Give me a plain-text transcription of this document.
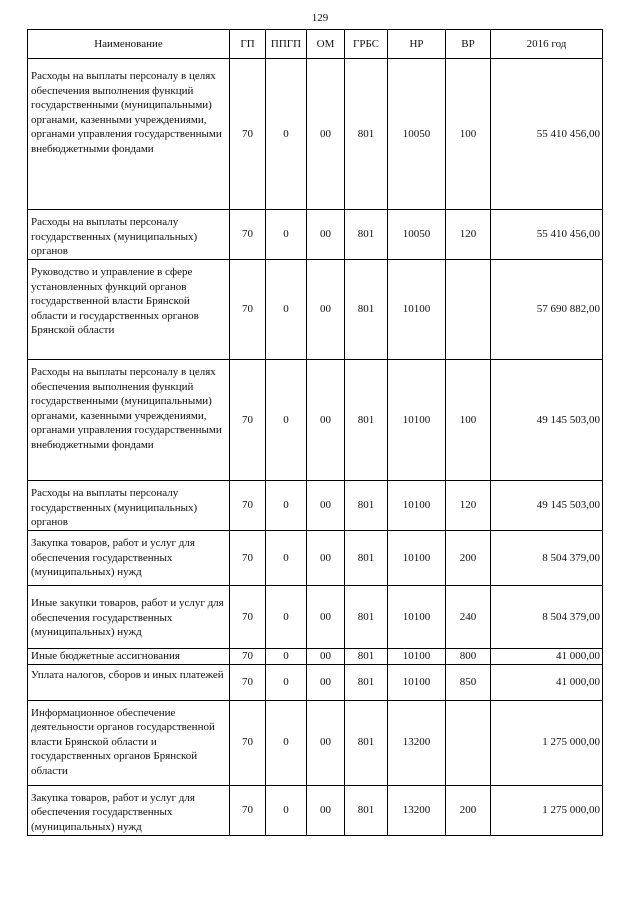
129
Наименование	ГП	ППГП	ОМ	ГРБС	НР	ВР	2016 год
Расходы на выплаты персоналу в целях обеспечения выполнения функций государственными (муниципальными) органами, казенными учреждениями, органами управления государственными внебюджетными фондами	70	0	00	801	10050	100	55 410 456,00
Расходы на выплаты персоналу государственных (муниципальных) органов	70	0	00	801	10050	120	55 410 456,00
Руководство и управление в сфере установленных функций органов государственной власти Брянской области и государственных органов Брянской области	70	0	00	801	10100		57 690 882,00
Расходы на выплаты персоналу в целях обеспечения выполнения функций государственными (муниципальными) органами, казенными учреждениями, органами управления государственными внебюджетными фондами	70	0	00	801	10100	100	49 145 503,00
Расходы на выплаты персоналу государственных (муниципальных) органов	70	0	00	801	10100	120	49 145 503,00
Закупка товаров, работ и услуг для обеспечения государственных (муниципальных) нужд	70	0	00	801	10100	200	8 504 379,00
Иные закупки товаров, работ и услуг для обеспечения государственных (муниципальных) нужд	70	0	00	801	10100	240	8 504 379,00
Иные бюджетные ассигнования	70	0	00	801	10100	800	41 000,00
Уплата налогов, сборов и иных платежей	70	0	00	801	10100	850	41 000,00
Информационное обеспечение деятельности органов государственной власти Брянской области и государственных органов Брянской области	70	0	00	801	13200		1 275 000,00
Закупка товаров, работ и услуг для обеспечения государственных (муниципальных) нужд	70	0	00	801	13200	200	1 275 000,00
